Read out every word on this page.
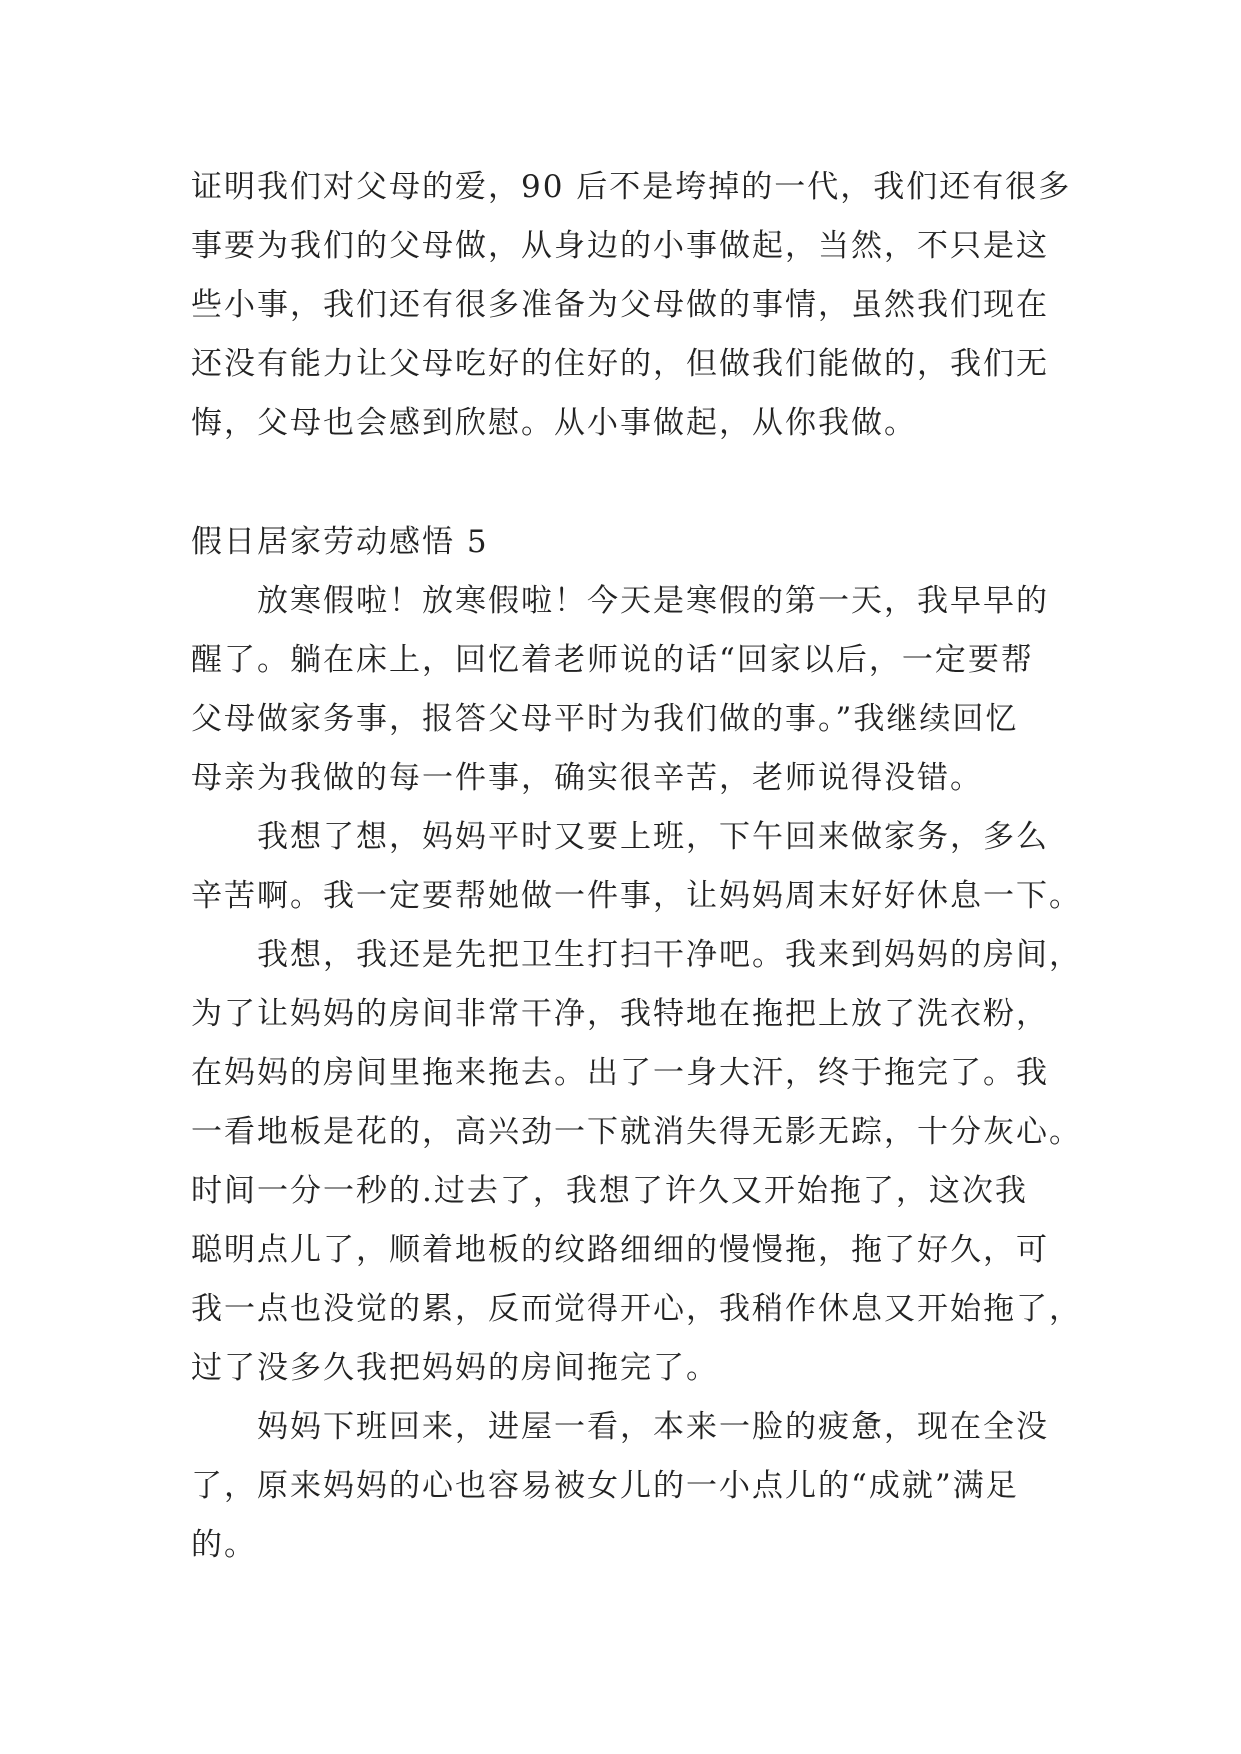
证明我们对父母的爱，90 后不是垮掉的一代，我们还有很多
事要为我们的父母做，从身边的小事做起，当然，不只是这
些小事，我们还有很多准备为父母做的事情，虽然我们现在
还没有能力让父母吃好的住好的，但做我们能做的，我们无
悔，父母也会感到欣慰。从小事做起，从你我做。
假日居家劳动感悟 5
放寒假啦！放寒假啦！今天是寒假的第一天，我早早的
醒了。躺在床上，回忆着老师说的话“回家以后，一定要帮
父母做家务事，报答父母平时为我们做的事。”我继续回忆
母亲为我做的每一件事，确实很辛苦，老师说得没错。
我想了想，妈妈平时又要上班，下午回来做家务，多么
辛苦啊。我一定要帮她做一件事，让妈妈周末好好休息一下。
我想，我还是先把卫生打扫干净吧。我来到妈妈的房间，
为了让妈妈的房间非常干净，我特地在拖把上放了洗衣粉，
在妈妈的房间里拖来拖去。出了一身大汗，终于拖完了。我
一看地板是花的，高兴劲一下就消失得无影无踪，十分灰心。
时间一分一秒的.过去了，我想了许久又开始拖了，这次我
聪明点儿了，顺着地板的纹路细细的慢慢拖，拖了好久，可
我一点也没觉的累，反而觉得开心，我稍作休息又开始拖了，
过了没多久我把妈妈的房间拖完了。
妈妈下班回来，进屋一看，本来一脸的疲惫，现在全没
了，原来妈妈的心也容易被女儿的一小点儿的“成就”满足
的。
